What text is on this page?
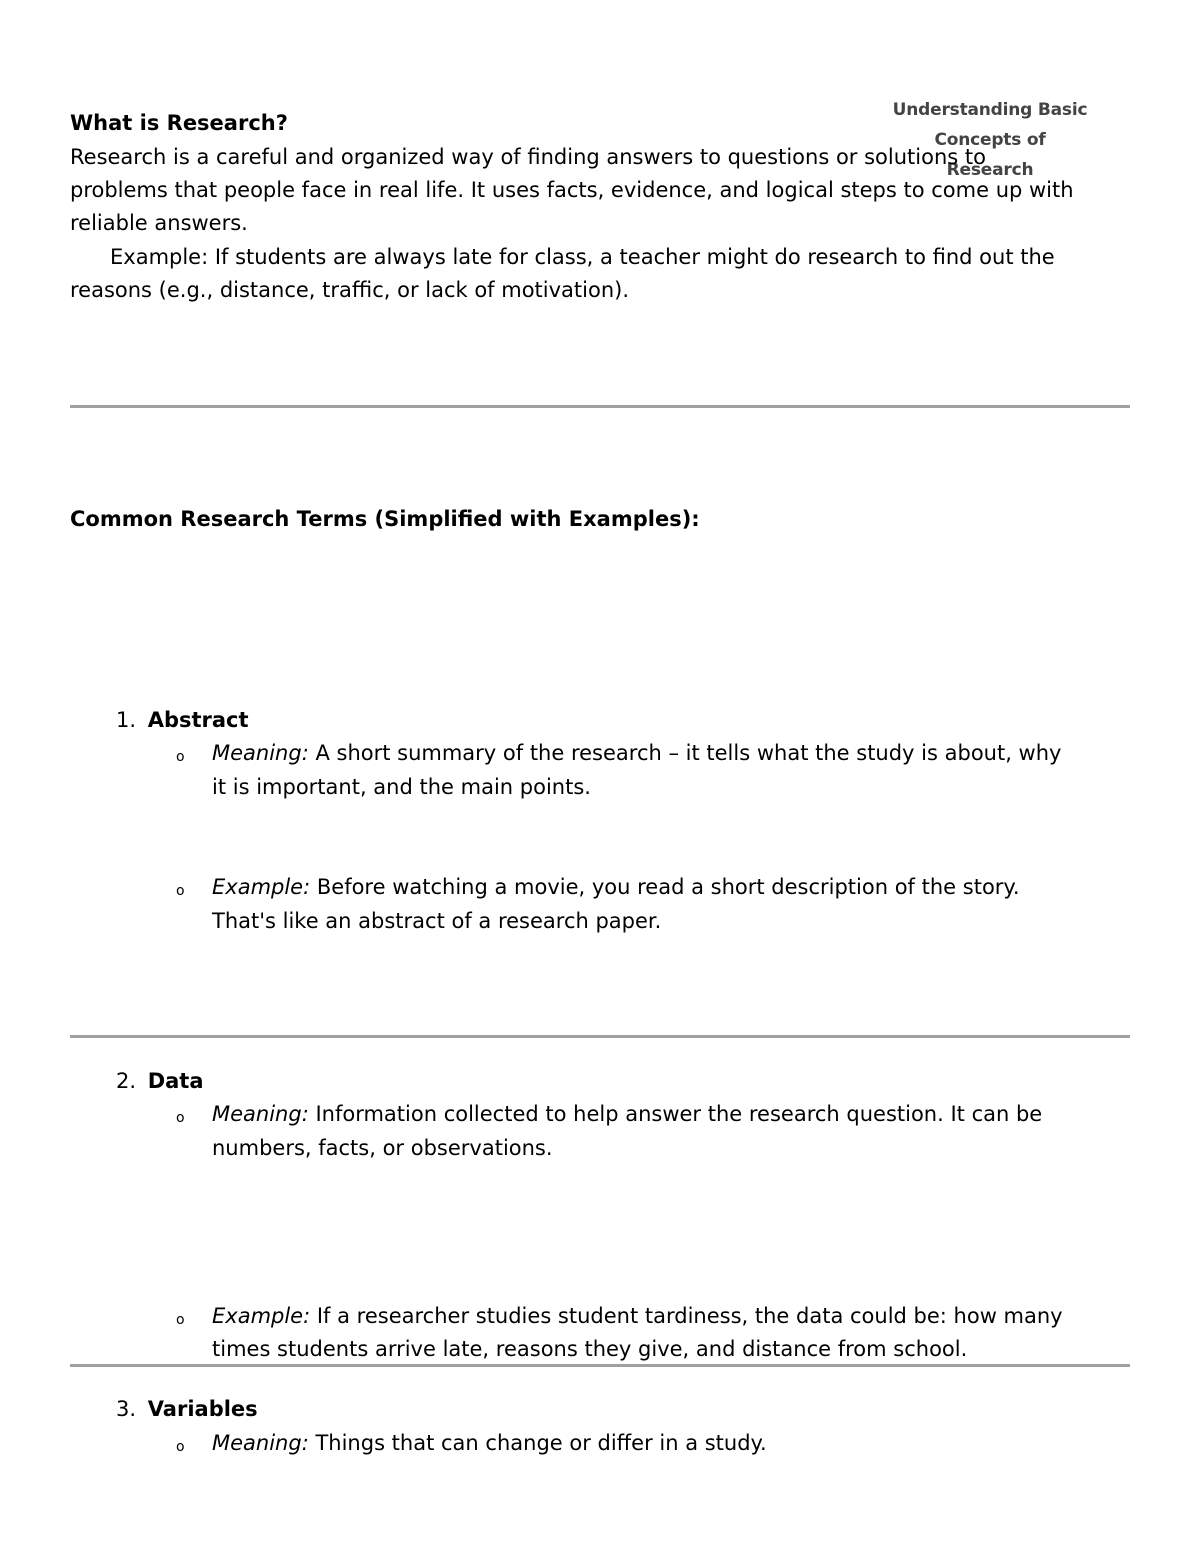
Understanding Basic
Concepts of Research
What is Research?
Research is a careful and organized way of finding answers to questions or solutions to
problems that people face in real life. It uses facts, evidence, and logical steps to come up with
reliable answers.
Example: If students are always late for class, a teacher might do research to find out the
reasons (e.g., distance, traffic, or lack of motivation).
Common Research Terms (Simplified with Examples):
1. Abstract
o Meaning: A short summary of the research – it tells what the study is about, why
it is important, and the main points.
o Example: Before watching a movie, you read a short description of the story.
That's like an abstract of a research paper.
2. Data
o Meaning: Information collected to help answer the research question. It can be
numbers, facts, or observations.
o Example: If a researcher studies student tardiness, the data could be: how many
times students arrive late, reasons they give, and distance from school.
3. Variables
o Meaning: Things that can change or differ in a study.
